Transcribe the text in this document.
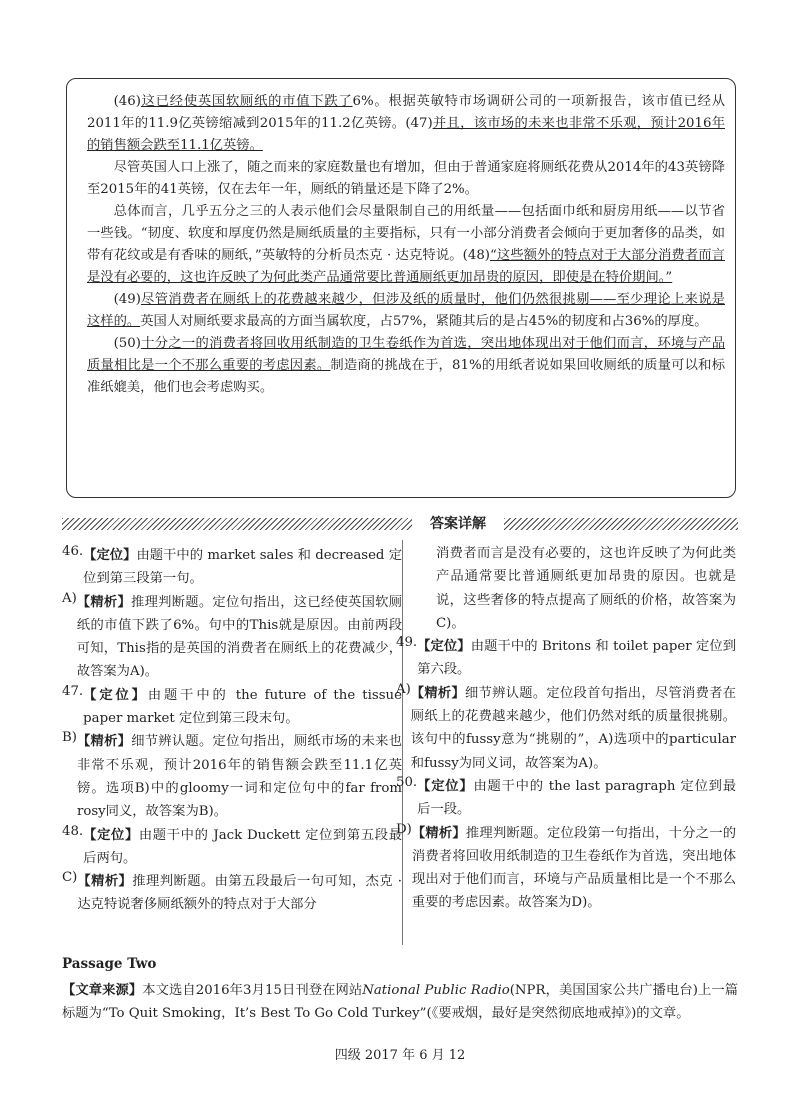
(46)这已经使英国软厕纸的市值下跌了6%。根据英敏特市场调研公司的一项新报告，该市值已经从2011年的11.9亿英镑缩减到2015年的11.2亿英镑。(47)并且，该市场的未来也非常不乐观，预计2016年的销售额会跌至11.1亿英镑。

尽管英国人口上涨了，随之而来的家庭数量也有增加，但由于普通家庭将厕纸花费从2014年的43英镑降至2015年的41英镑，仅在去年一年，厕纸的销量还是下降了2%。

总体而言，几乎五分之三的人表示他们会尽量限制自己的用纸量——包括面巾纸和厨房用纸——以节省一些钱。“韧度、软度和厚度仍然是厕纸质量的主要指标，只有一小部分消费者会倾向于更加奢侈的品类，如带有花纹或是有香味的厕纸，”英敏特的分析员杰克 · 达克特说。(48)“这些额外的特点对于大部分消费者而言是没有必要的，这也许反映了为何此类产品通常要比普通厕纸更加昂贵的原因，即使是在特价期间。”

(49)尽管消费者在厕纸上的花费越来越少，但涉及纸的质量时，他们仍然很挑剔——至少理论上来说是这样的。英国人对厕纸要求最高的方面当属软度，占57%，紧随其后的是占45%的韧度和占36%的厚度。

(50)十分之一的消费者将回收用纸制造的卫生卷纸作为首选，突出地体现出对于他们而言，环境与产品质量相比是一个不那么重要的考虑因素。制造商的挑战在于，81%的用纸者说如果回收厕纸的质量可以和标准纸媲美，他们也会考虑购买。

答案详解
46. 【定位】由题干中的 market sales 和 decreased 定位到第三段第一句。

A) 【精析】推理判断题。定位句指出，这已经使英国软厕纸的市值下跌了6%。句中的This就是原因。由前两段可知，This指的是英国的消费者在厕纸上的花费减少，故答案为A)。

47. 【定位】由题干中的 the future of the tissue paper market 定位到第三段末句。

B) 【精析】细节辨认题。定位句指出，厕纸市场的未来也非常不乐观，预计2016年的销售额会跌至11.1亿英镑。选项B)中的gloomy一词和定位句中的far from rosy同义，故答案为B)。

48. 【定位】由题干中的 Jack Duckett 定位到第五段最后两句。

C) 【精析】推理判断题。由第五段最后一句可知，杰克 · 达克特说奢侈厕纸额外的特点对于大部分

消费者而言是没有必要的，这也许反映了为何此类产品通常要比普通厕纸更加昂贵的原因。也就是说，这些奢侈的特点提高了厕纸的价格，故答案为C)。

49. 【定位】由题干中的 Britons 和 toilet paper 定位到第六段。

A) 【精析】细节辨认题。定位段首句指出，尽管消费者在厕纸上的花费越来越少，他们仍然对纸的质量很挑剔。该句中的fussy意为“挑剔的”，A)选项中的particular和fussy为同义词，故答案为A)。

50. 【定位】由题干中的 the last paragraph 定位到最后一段。

D) 【精析】推理判断题。定位段第一句指出，十分之一的消费者将回收用纸制造的卫生卷纸作为首选，突出地体现出对于他们而言，环境与产品质量相比是一个不那么重要的考虑因素。故答案为D)。

Passage Two
【文章来源】本文选自2016年3月15日刊登在网站National Public Radio(NPR，美国国家公共广播电台)上一篇标题为“To Quit Smoking，It’s Best To Go Cold Turkey”(《要戒烟，最好是突然彻底地戒掉》)的文章。
四级 2017 年 6 月 12
